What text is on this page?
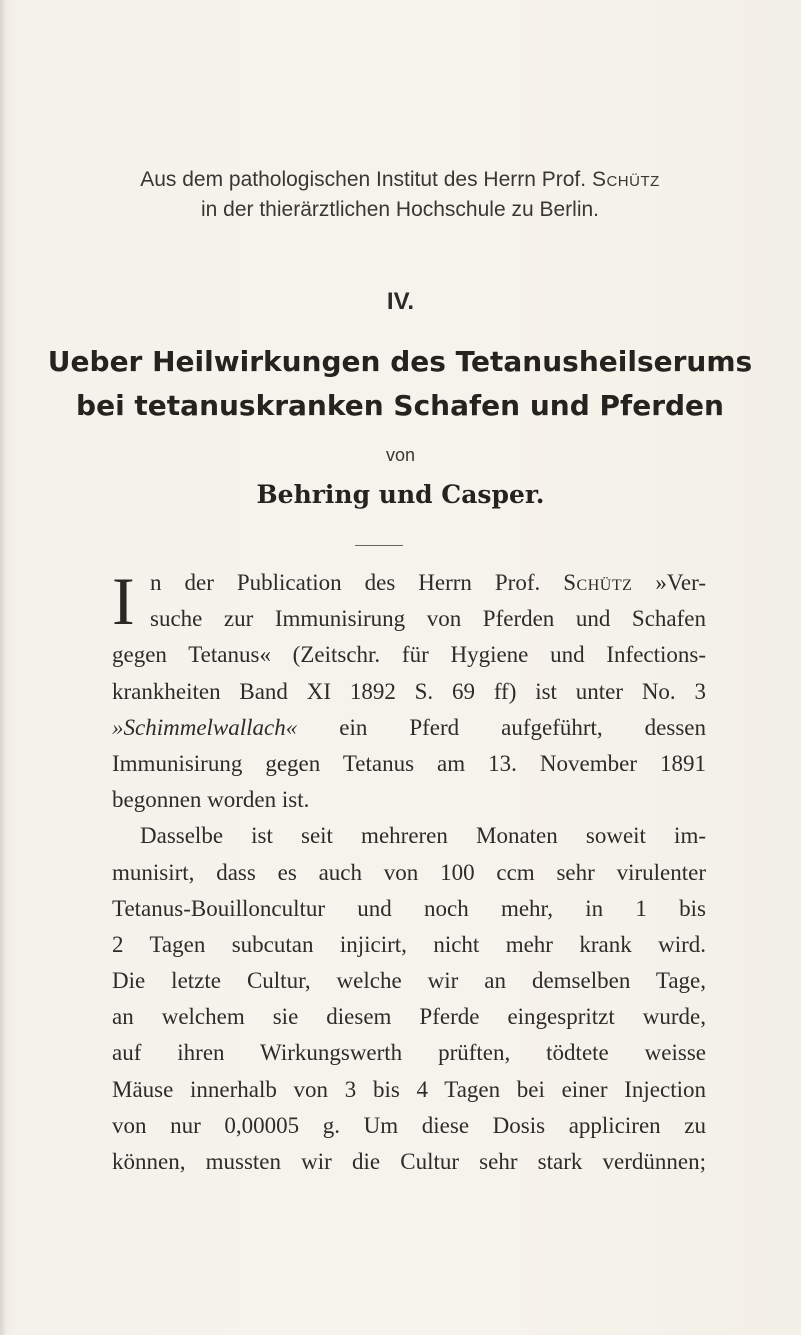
Aus dem pathologischen Institut des Herrn Prof. Schütz
in der thierärztlichen Hochschule zu Berlin.
IV.
Ueber Heilwirkungen des Tetanusheilserums
bei tetanuskranken Schafen und Pferden
von
Behring und Casper.
I n der Publication des Herrn Prof. Schütz »Ver-
suche zur Immunisirung von Pferden und Schafen
gegen Tetanus« (Zeitschr. für Hygiene und Infections-
krankheiten Band XI 1892 S. 69 ff) ist unter No. 3
»Schimmelwallach« ein Pferd aufgeführt, dessen
Immunisirung gegen Tetanus am 13. November 1891
begonnen worden ist.
Dasselbe ist seit mehreren Monaten soweit im-
munisirt, dass es auch von 100 ccm sehr virulenter
Tetanus-Bouilloncultur und noch mehr, in 1 bis
2 Tagen subcutan injicirt, nicht mehr krank wird.
Die letzte Cultur, welche wir an demselben Tage,
an welchem sie diesem Pferde eingespritzt wurde,
auf ihren Wirkungswerth prüften, tödtete weisse
Mäuse innerhalb von 3 bis 4 Tagen bei einer Injection
von nur 0,00005 g. Um diese Dosis appliciren zu
können, mussten wir die Cultur sehr stark verdünnen;
